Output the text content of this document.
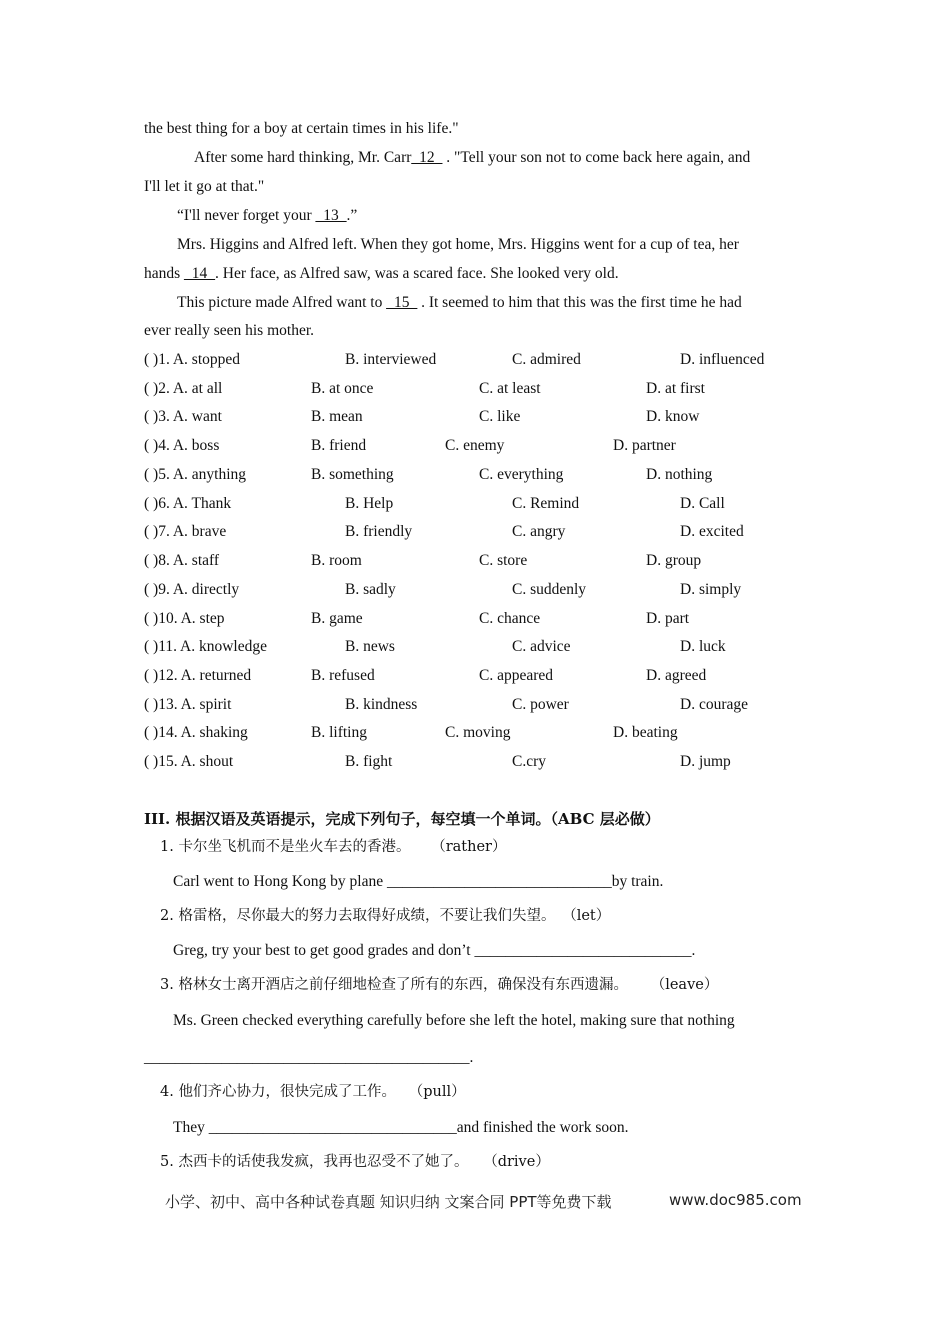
the best thing for a boy at certain times in his life."
After some hard thinking, Mr. Carr_12_ . "Tell your son not to come back here again, and
I'll let it go at that."
“I'll never forget your _13_.”
Mrs. Higgins and Alfred left. When they got home, Mrs. Higgins went for a cup of tea, her
hands _14_. Her face, as Alfred saw, was a scared face. She looked very old.
This picture made Alfred want to _15_ . It seemed to him that this was the first time he had
ever really seen his mother.
( )1. A. stopped	B. interviewed	C. admired	D. influenced
( )2. A. at all	B. at once	C. at least	D. at first
( )3. A. want	B. mean	C. like	D. know
( )4. A. boss	B. friend	C. enemy	D. partner
( )5. A. anything	B. something	C. everything	D. nothing
( )6. A. Thank	B. Help	C. Remind	D. Call
( )7. A. brave	B. friendly	C. angry	D. excited
( )8. A. staff	B. room	C. store	D. group
( )9. A. directly	B. sadly	C. suddenly	D. simply
( )10. A. step	B. game	C. chance	D. part
( )11. A. knowledge	B. news	C. advice	D. luck
( )12. A. returned	B. refused	C. appeared	D. agreed
( )13. A. spirit	B. kindness	C. power	D. courage
( )14. A. shaking	B. lifting	C. moving	D. beating
( )15. A. shout	B. fight	C.cry	D. jump
III. 根据汉语及英语提示，完成下列句子，每空填一个单词。（ABC 层必做）
1. 卡尔坐飞机而不是坐火车去的香港。 （rather）
Carl went to Hong Kong by plane _____________________________by train.
2. 格雷格，尽你最大的努力去取得好成绩，不要让我们失望。 （let）
Greg, try your best to get good grades and don’t ____________________________.
3. 格林女士离开酒店之前仔细地检查了所有的东西，确保没有东西遗漏。 （leave）
Ms. Green checked everything carefully before she left the hotel, making sure that nothing
__________________________________________.
4. 他们齐心协力，很快完成了工作。 （pull）
They ________________________________and finished the work soon.
5. 杰西卡的话使我发疯，我再也忍受不了她了。 （drive）
小学、初中、高中各种试卷真题 知识归纳 文案合同 PPT等免费下载	www.doc985.com
